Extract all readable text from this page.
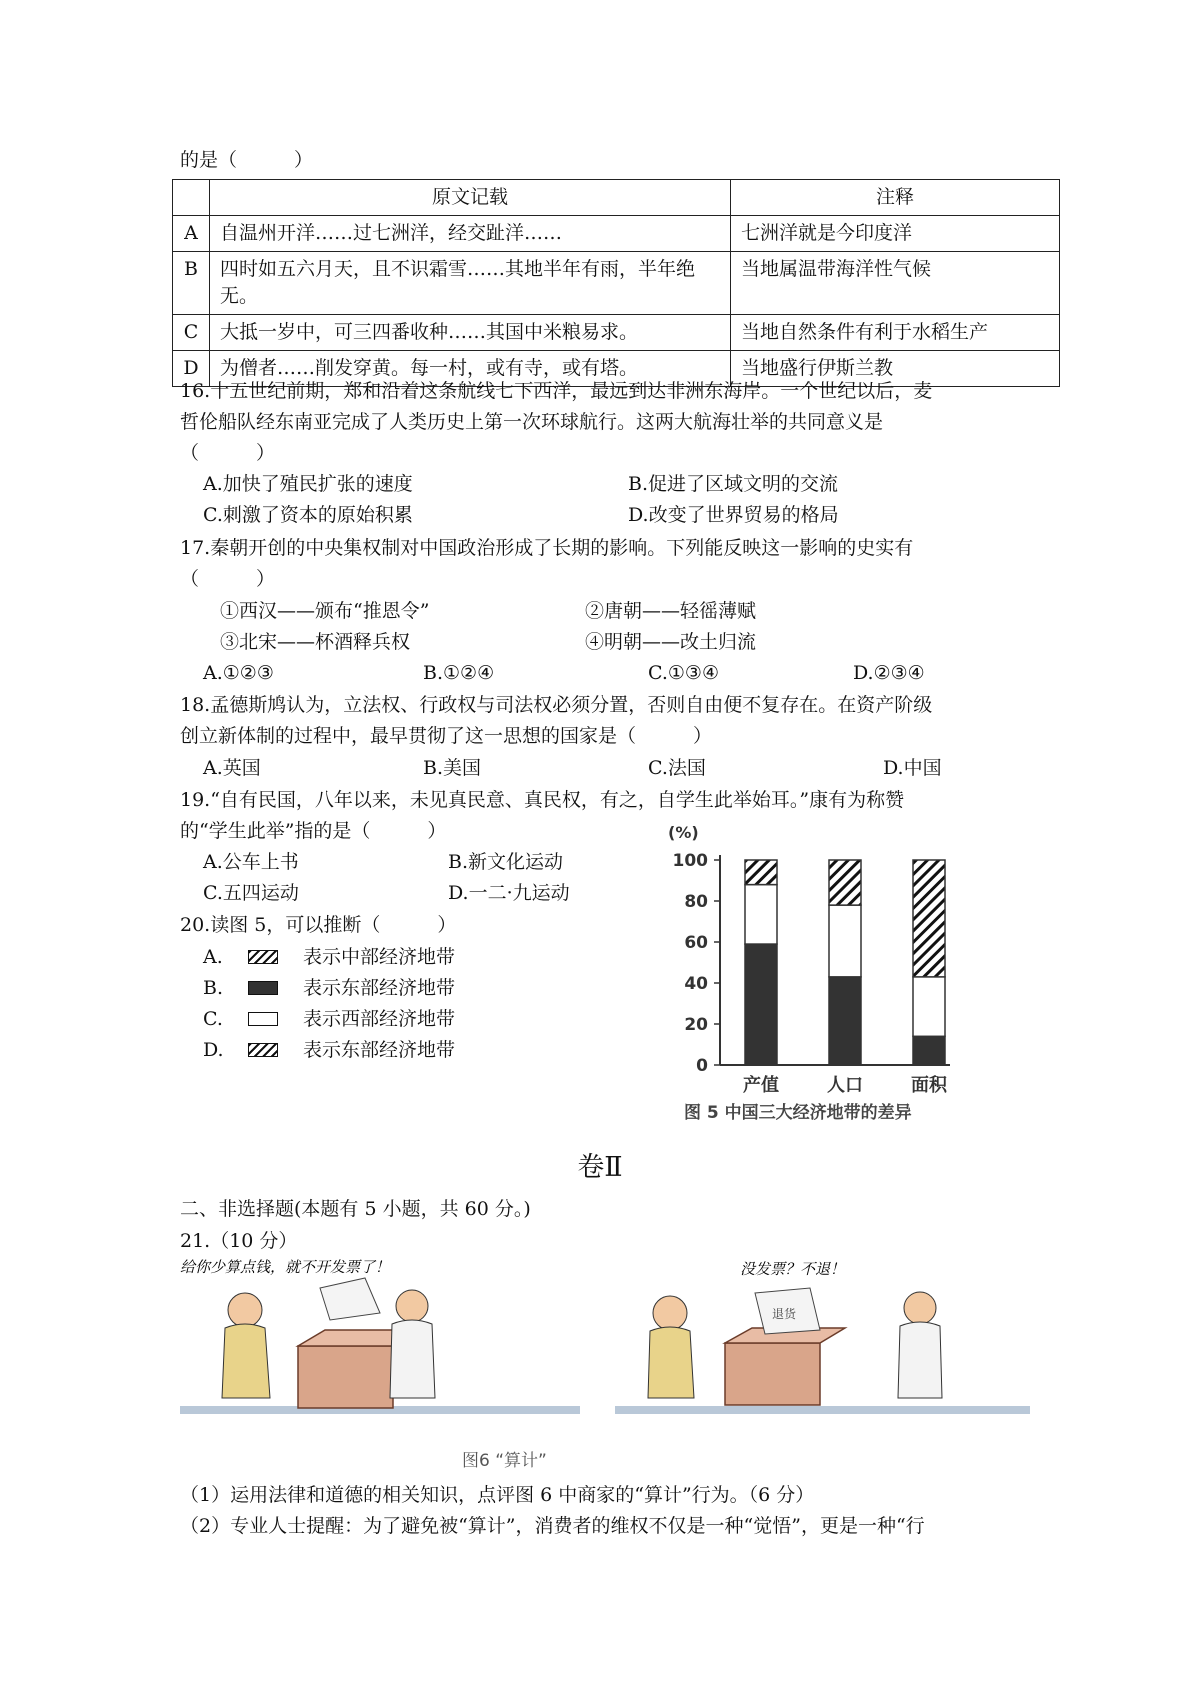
的是（　　　）
	原文记载	注释
A	自温州开洋……过七洲洋，经交趾洋……	七洲洋就是今印度洋
B	四时如五六月天，且不识霜雪……其地半年有雨，半年绝无。	当地属温带海洋性气候
C	大抵一岁中，可三四番收种……其国中米粮易求。	当地自然条件有利于水稻生产
D	为僧者……削发穿黄。每一村，或有寺，或有塔。	当地盛行伊斯兰教
16.十五世纪前期，郑和沿着这条航线七下西洋，最远到达非洲东海岸。一个世纪以后，麦
哲伦船队经东南亚完成了人类历史上第一次环球航行。这两大航海壮举的共同意义是
（　　　）
A.加快了殖民扩张的速度	B.促进了区域文明的交流
C.刺激了资本的原始积累	D.改变了世界贸易的格局
17.秦朝开创的中央集权制对中国政治形成了长期的影响。下列能反映这一影响的史实有
（　　　）
①西汉——颁布“推恩令”	②唐朝——轻徭薄赋
③北宋——杯酒释兵权	④明朝——改土归流
A.①②③	B.①②④	C.①③④	D.②③④
18.孟德斯鸠认为，立法权、行政权与司法权必须分置，否则自由便不复存在。在资产阶级
创立新体制的过程中，最早贯彻了这一思想的国家是（　　　）
A.英国	B.美国	C.法国	D.中国
19.“自有民国，八年以来，未见真民意、真民权，有之，自学生此举始耳。”康有为称赞
的“学生此举”指的是（　　　）
A.公车上书	B.新文化运动
C.五四运动	D.一二·九运动
20.读图 5，可以推断（　　　）
A.	表示中部经济地带
B.	表示东部经济地带
C.	表示西部经济地带
D.	表示东部经济地带
100
80
60
40
20
0
(%)
产值	人口	面积
图 5 中国三大经济地带的差异
卷Ⅱ
二、非选择题(本题有 5 小题，共 60 分。)
21.（10 分）
给你少算点钱，就不开发票了！
退货
没发票？不退！
图6 “算计”
（1）运用法律和道德的相关知识，点评图 6 中商家的“算计”行为。（6 分）
（2）专业人士提醒：为了避免被“算计”，消费者的维权不仅是一种“觉悟”，更是一种“行
